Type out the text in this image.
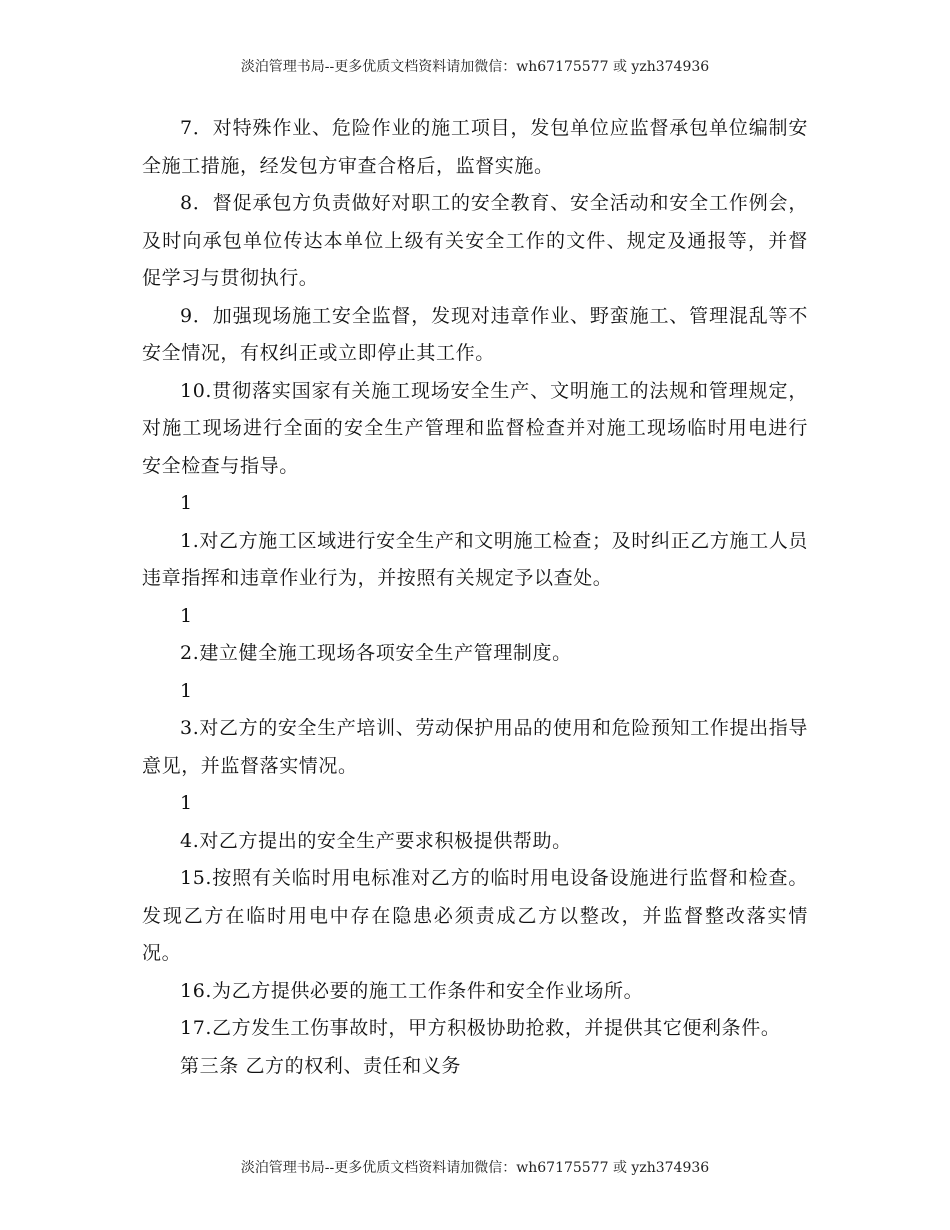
淡泊管理书局--更多优质文档资料请加微信：wh67175577 或 yzh374936

7．对特殊作业、危险作业的施工项目，发包单位应监督承包单位编制安全施工措施，经发包方审查合格后，监督实施。

8．督促承包方负责做好对职工的安全教育、安全活动和安全工作例会，及时向承包单位传达本单位上级有关安全工作的文件、规定及通报等，并督促学习与贯彻执行。

9．加强现场施工安全监督，发现对违章作业、野蛮施工、管理混乱等不安全情况，有权纠正或立即停止其工作。

10.贯彻落实国家有关施工现场安全生产、文明施工的法规和管理规定，对施工现场进行全面的安全生产管理和监督检查并对施工现场临时用电进行安全检查与指导。

1

1.对乙方施工区域进行安全生产和文明施工检查；及时纠正乙方施工人员违章指挥和违章作业行为，并按照有关规定予以查处。

1

2.建立健全施工现场各项安全生产管理制度。

1

3.对乙方的安全生产培训、劳动保护用品的使用和危险预知工作提出指导意见，并监督落实情况。

1

4.对乙方提出的安全生产要求积极提供帮助。

15.按照有关临时用电标准对乙方的临时用电设备设施进行监督和检查。发现乙方在临时用电中存在隐患必须责成乙方以整改，并监督整改落实情况。

16.为乙方提供必要的施工工作条件和安全作业场所。

17.乙方发生工伤事故时，甲方积极协助抢救，并提供其它便利条件。

第三条 乙方的权利、责任和义务

淡泊管理书局--更多优质文档资料请加微信：wh67175577 或 yzh374936
